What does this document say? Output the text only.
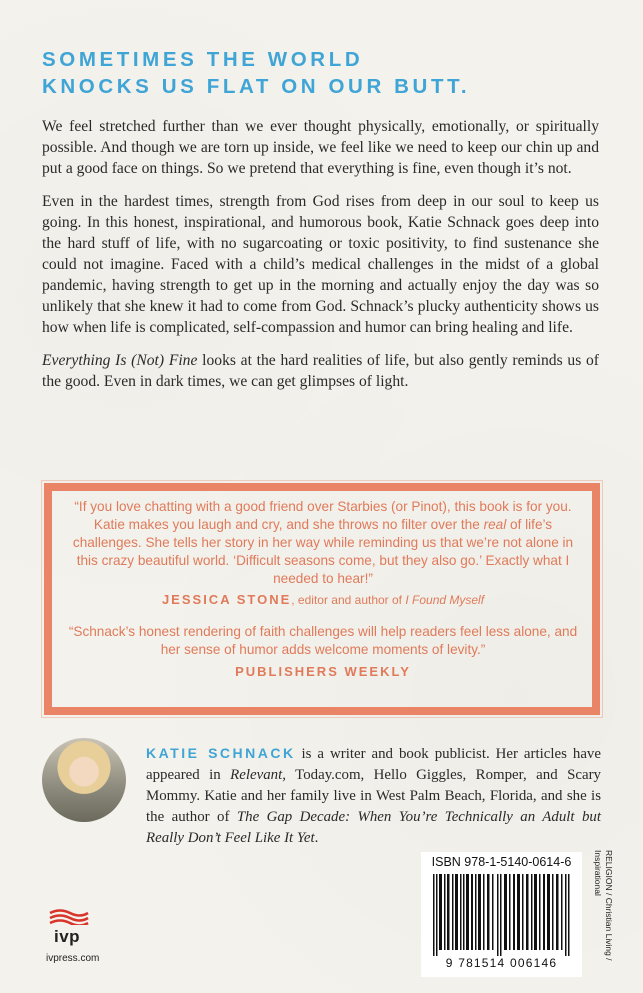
SOMETIMES THE WORLD
KNOCKS US FLAT ON OUR BUTT.

We feel stretched further than we ever thought physically, emotionally, or spiritually possible. And though we are torn up inside, we feel like we need to keep our chin up and put a good face on things. So we pretend that everything is fine, even though it’s not.

Even in the hardest times, strength from God rises from deep in our soul to keep us going. In this honest, inspirational, and humorous book, Katie Schnack goes deep into the hard stuff of life, with no sugarcoating or toxic positivity, to find sustenance she could not imagine. Faced with a child’s medical challenges in the midst of a global pandemic, having strength to get up in the morning and actually enjoy the day was so unlikely that she knew it had to come from God. Schnack’s plucky authenticity shows us how when life is complicated, self-compassion and humor can bring healing and life.

Everything Is (Not) Fine looks at the hard realities of life, but also gently reminds us of the good. Even in dark times, we can get glimpses of light.

“If you love chatting with a good friend over Starbies (or Pinot), this book is for you. Katie makes you laugh and cry, and she throws no filter over the real of life’s challenges. She tells her story in her way while reminding us that we’re not alone in this crazy beautiful world. ‘Difficult seasons come, but they also go.’ Exactly what I needed to hear!”

JESSICA STONE, editor and author of I Found Myself

“Schnack’s honest rendering of faith challenges will help readers feel less alone, and her sense of humor adds welcome moments of levity.”

PUBLISHERS WEEKLY

KATIE SCHNACK is a writer and book publicist. Her articles have appeared in Relevant, Today.com, Hello Giggles, Romper, and Scary Mommy. Katie and her family live in West Palm Beach, Florida, and she is the author of The Gap Decade: When You’re Technically an Adult but Really Don’t Feel Like It Yet.
ISBN 978-1-5140-0614-6
9 781514 006146
RELIGION / Christian Living /
Inspirational
ivp
ivpress.com
